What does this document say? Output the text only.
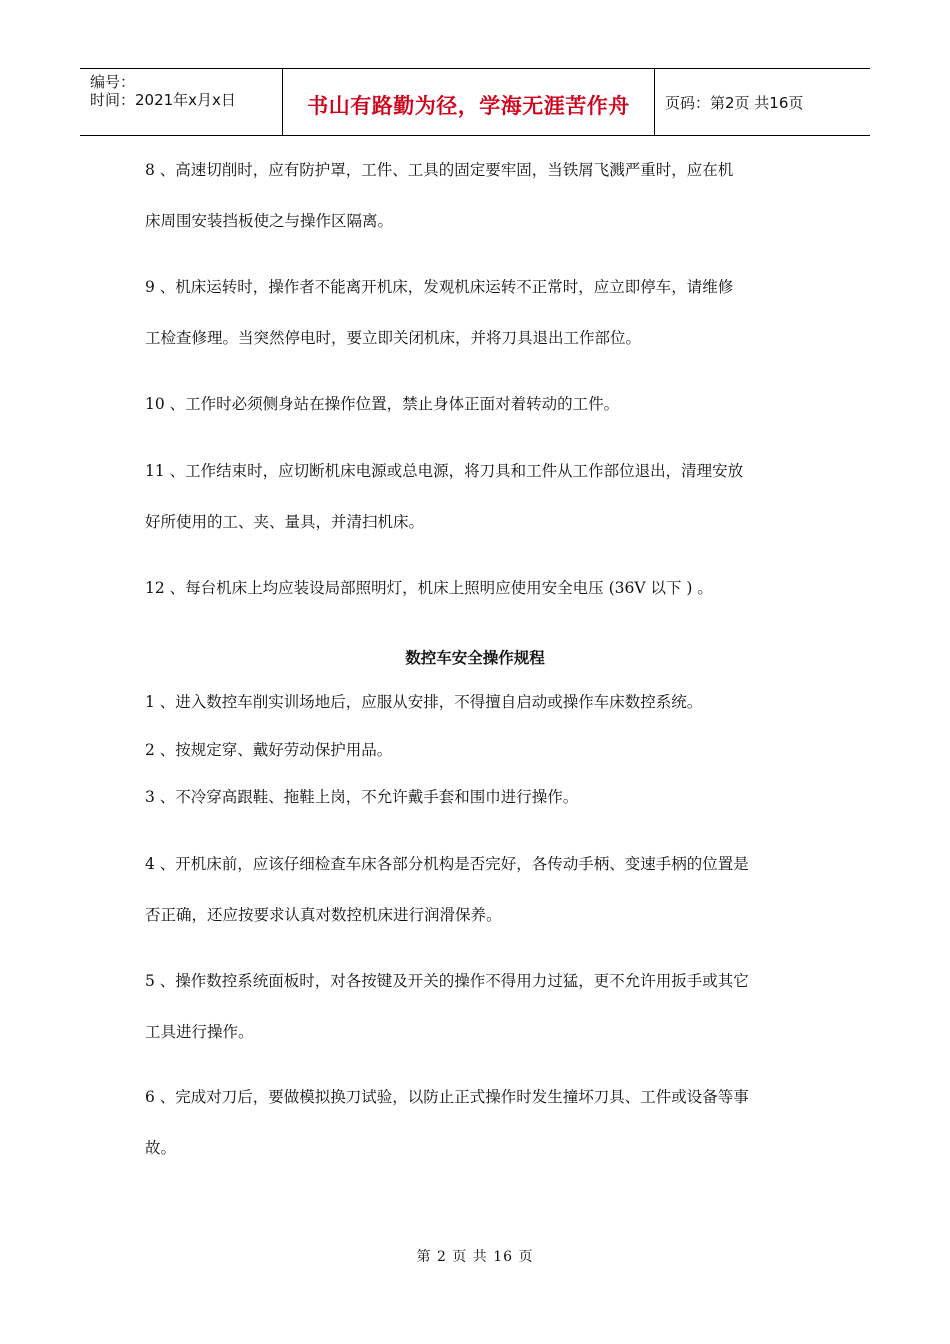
编号：
时间：2021年x月x日	书山有路勤为径，学海无涯苦作舟 页码：第2页 共16页
8 、高速切削时，应有防护罩，工件、工具的固定要牢固，当铁屑飞溅严重时，应在机
床周围安装挡板使之与操作区隔离。
9 、机床运转时，操作者不能离开机床，发观机床运转不正常时，应立即停车，请维修
工检查修理。当突然停电时，要立即关闭机床，并将刀具退出工作部位。
10 、工作时必须侧身站在操作位置，禁止身体正面对着转动的工件。
11 、工作结束时，应切断机床电源或总电源，将刀具和工件从工作部位退出，清理安放
好所使用的工、夹、量具，并清扫机床。
12 、每台机床上均应装设局部照明灯，机床上照明应使用安全电压 (36V 以下 ) 。
数控车安全操作规程
1 、进入数控车削实训场地后，应服从安排，不得擅自启动或操作车床数控系统。
2 、按规定穿、戴好劳动保护用品。
3 、不冷穿高跟鞋、拖鞋上岗，不允许戴手套和围巾进行操作。
4 、开机床前，应该仔细检查车床各部分机构是否完好，各传动手柄、变速手柄的位置是
否正确，还应按要求认真对数控机床进行润滑保养。
5 、操作数控系统面板时，对各按键及开关的操作不得用力过猛，更不允许用扳手或其它
工具进行操作。
6 、完成对刀后，要做模拟换刀试验，以防止正式操作时发生撞坏刀具、工件或设备等事
故。
第 2 页 共 16 页
